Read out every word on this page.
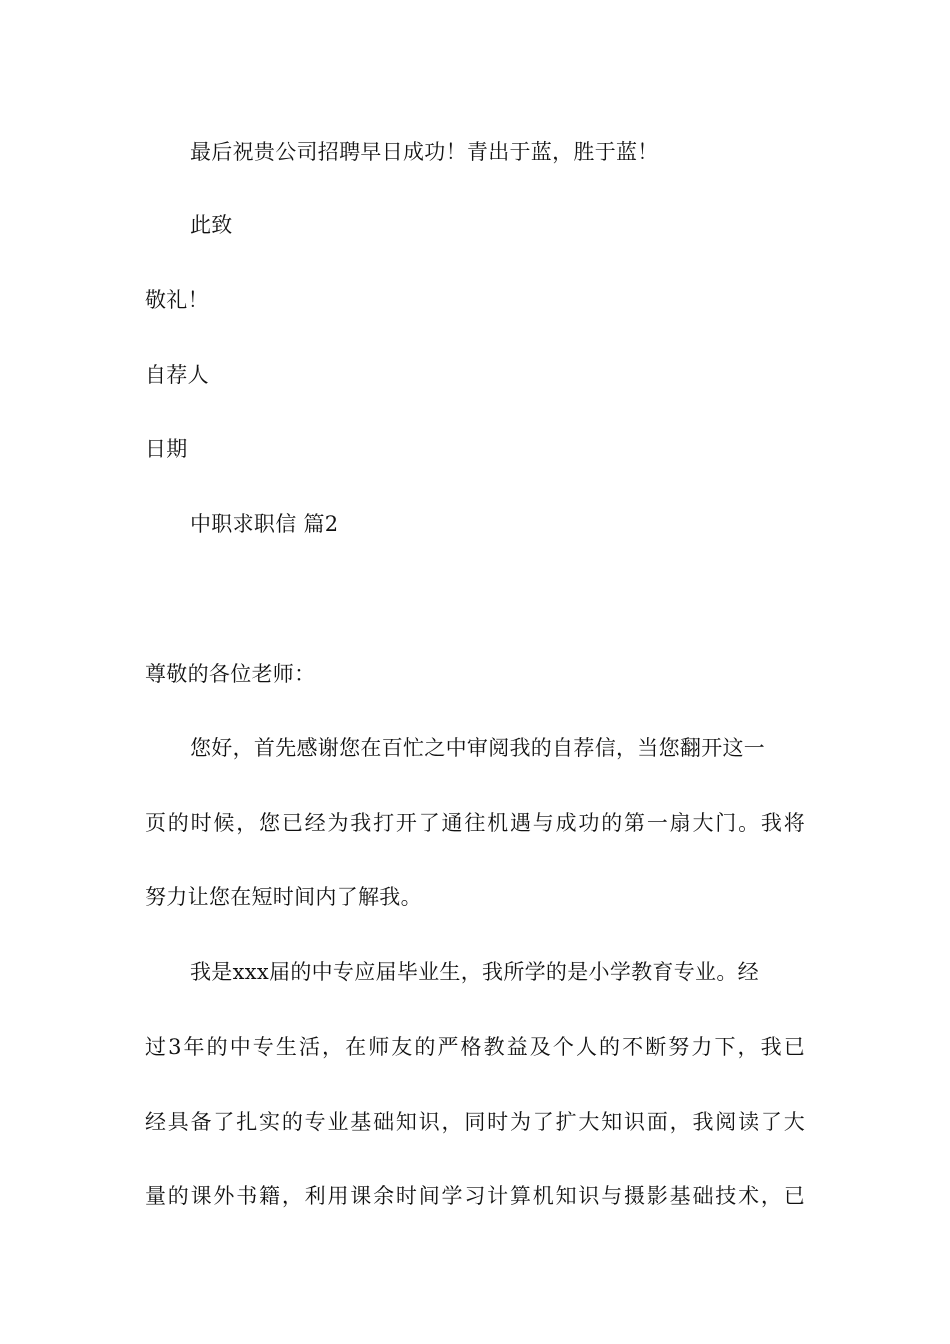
最后祝贵公司招聘早日成功！青出于蓝，胜于蓝！
此致
敬礼！
自荐人
日期
中职求职信 篇2
尊敬的各位老师：
您好，首先感谢您在百忙之中审阅我的自荐信，当您翻开这一
页的时候，您已经为我打开了通往机遇与成功的第一扇大门。我将
努力让您在短时间内了解我。
我是xxx届的中专应届毕业生，我所学的是小学教育专业。经
过3年的中专生活，在师友的严格教益及个人的不断努力下，我已
经具备了扎实的专业基础知识，同时为了扩大知识面，我阅读了大
量的课外书籍，利用课余时间学习计算机知识与摄影基础技术，已
